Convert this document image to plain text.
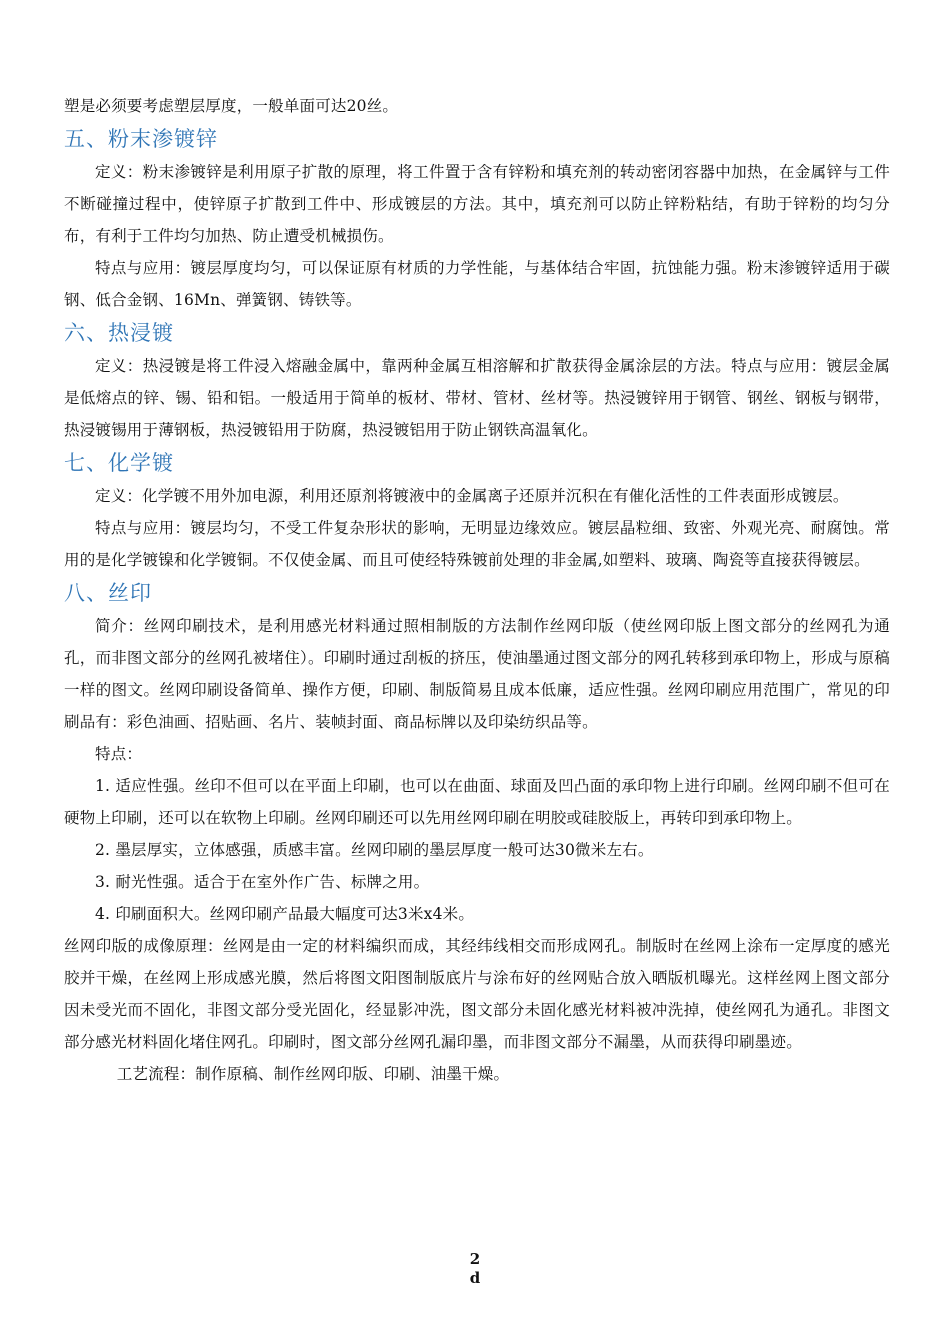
塑是必须要考虑塑层厚度，一般单面可达20丝。

五、粉末渗镀锌

定义：粉末渗镀锌是利用原子扩散的原理，将工件置于含有锌粉和填充剂的转动密闭容器中加热，在金属锌与工件不断碰撞过程中，使锌原子扩散到工件中、形成镀层的方法。其中，填充剂可以防止锌粉粘结，有助于锌粉的均匀分布，有利于工件均匀加热、防止遭受机械损伤。

特点与应用：镀层厚度均匀，可以保证原有材质的力学性能，与基体结合牢固，抗蚀能力强。粉末渗镀锌适用于碳钢、低合金钢、16Mn、弹簧钢、铸铁等。

六、热浸镀

定义：热浸镀是将工件浸入熔融金属中，靠两种金属互相溶解和扩散获得金属涂层的方法。特点与应用：镀层金属是低熔点的锌、锡、铅和铝。一般适用于简单的板材、带材、管材、丝材等。热浸镀锌用于钢管、钢丝、钢板与钢带，热浸镀锡用于薄钢板，热浸镀铅用于防腐，热浸镀铝用于防止钢铁高温氧化。

七、化学镀

定义：化学镀不用外加电源，利用还原剂将镀液中的金属离子还原并沉积在有催化活性的工件表面形成镀层。

特点与应用：镀层均匀，不受工件复杂形状的影响，无明显边缘效应。镀层晶粒细、致密、外观光亮、耐腐蚀。常用的是化学镀镍和化学镀铜。不仅使金属、而且可使经特殊镀前处理的非金属,如塑料、玻璃、陶瓷等直接获得镀层。

八、丝印

简介：丝网印刷技术，是利用感光材料通过照相制版的方法制作丝网印版（使丝网印版上图文部分的丝网孔为通孔，而非图文部分的丝网孔被堵住）。印刷时通过刮板的挤压，使油墨通过图文部分的网孔转移到承印物上，形成与原稿一样的图文。丝网印刷设备简单、操作方便，印刷、制版简易且成本低廉，适应性强。丝网印刷应用范围广，常见的印刷品有：彩色油画、招贴画、名片、装帧封面、商品标牌以及印染纺织品等。

特点：

1. 适应性强。丝印不但可以在平面上印刷，也可以在曲面、球面及凹凸面的承印物上进行印刷。丝网印刷不但可在硬物上印刷，还可以在软物上印刷。丝网印刷还可以先用丝网印刷在明胶或硅胶版上，再转印到承印物上。

2. 墨层厚实，立体感强，质感丰富。丝网印刷的墨层厚度一般可达30微米左右。

3. 耐光性强。适合于在室外作广告、标牌之用。

4. 印刷面积大。丝网印刷产品最大幅度可达3米x4米。

丝网印版的成像原理：丝网是由一定的材料编织而成，其经纬线相交而形成网孔。制版时在丝网上涂布一定厚度的感光胶并干燥，在丝网上形成感光膜，然后将图文阳图制版底片与涂布好的丝网贴合放入晒版机曝光。这样丝网上图文部分因未受光而不固化，非图文部分受光固化，经显影冲洗，图文部分未固化感光材料被冲洗掉，使丝网孔为通孔。非图文部分感光材料固化堵住网孔。印刷时，图文部分丝网孔漏印墨，而非图文部分不漏墨，从而获得印刷墨迹。

工艺流程：制作原稿、制作丝网印版、印刷、油墨干燥。

2
d
